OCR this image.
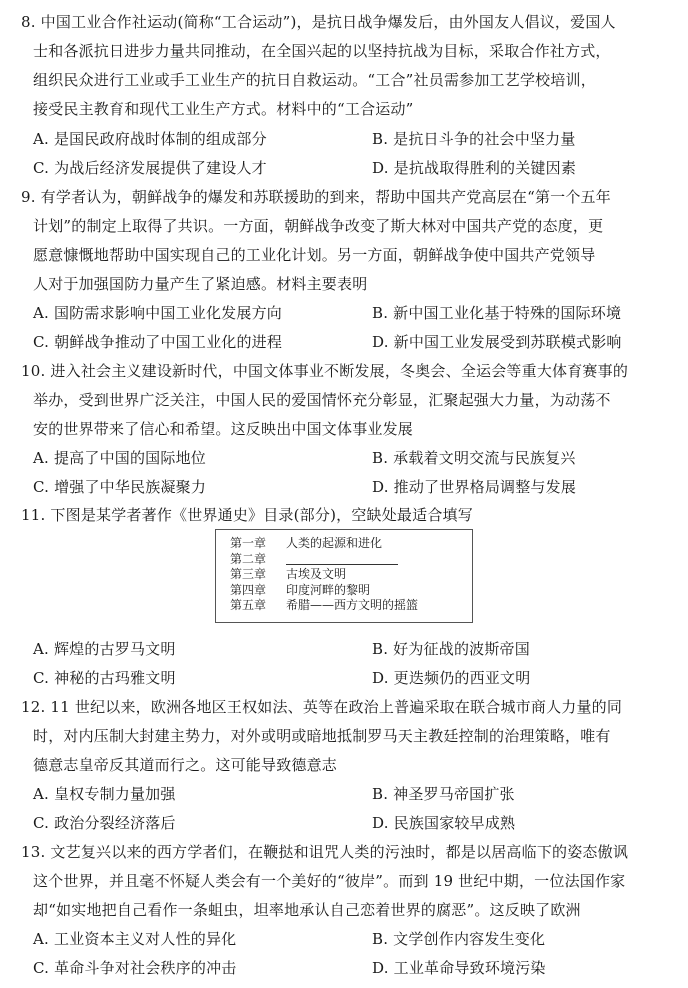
8. 中国工业合作社运动(简称“工合运动”)，是抗日战争爆发后，由外国友人倡议，爱国人
士和各派抗日进步力量共同推动，在全国兴起的以坚持抗战为目标，采取合作社方式，
组织民众进行工业或手工业生产的抗日自救运动。“工合”社员需参加工艺学校培训，
接受民主教育和现代工业生产方式。材料中的“工合运动”
A. 是国民政府战时体制的组成部分	B. 是抗日斗争的社会中坚力量
C. 为战后经济发展提供了建设人才	D. 是抗战取得胜利的关键因素
9. 有学者认为，朝鲜战争的爆发和苏联援助的到来，帮助中国共产党高层在“第一个五年
计划”的制定上取得了共识。一方面，朝鲜战争改变了斯大林对中国共产党的态度，更
愿意慷慨地帮助中国实现自己的工业化计划。另一方面，朝鲜战争使中国共产党领导
人对于加强国防力量产生了紧迫感。材料主要表明
A. 国防需求影响中国工业化发展方向	B. 新中国工业化基于特殊的国际环境
C. 朝鲜战争推动了中国工业化的进程	D. 新中国工业发展受到苏联模式影响
10. 进入社会主义建设新时代，中国文体事业不断发展，冬奥会、全运会等重大体育赛事的
举办，受到世界广泛关注，中国人民的爱国情怀充分彰显，汇聚起强大力量，为动荡不
安的世界带来了信心和希望。这反映出中国文体事业发展
A. 提高了中国的国际地位	B. 承载着文明交流与民族复兴
C. 增强了中华民族凝聚力	D. 推动了世界格局调整与发展
11. 下图是某学者著作《世界通史》目录(部分)，空缺处最适合填写
第一章 人类的起源和进化
第二章
第三章 古埃及文明
第四章 印度河畔的黎明
第五章 希腊——西方文明的摇篮
A. 辉煌的古罗马文明	B. 好为征战的波斯帝国
C. 神秘的古玛雅文明	D. 更迭频仍的西亚文明
12. 11 世纪以来，欧洲各地区王权如法、英等在政治上普遍采取在联合城市商人力量的同
时，对内压制大封建主势力，对外或明或暗地抵制罗马天主教廷控制的治理策略，唯有
德意志皇帝反其道而行之。这可能导致德意志
A. 皇权专制力量加强	B. 神圣罗马帝国扩张
C. 政治分裂经济落后	D. 民族国家较早成熟
13. 文艺复兴以来的西方学者们，在鞭挞和诅咒人类的污浊时，都是以居高临下的姿态傲讽
这个世界，并且毫不怀疑人类会有一个美好的“彼岸”。而到 19 世纪中期，一位法国作家
却“如实地把自己看作一条蛆虫，坦率地承认自己恋着世界的腐恶”。这反映了欧洲
A. 工业资本主义对人性的异化	B. 文学创作内容发生变化
C. 革命斗争对社会秩序的冲击	D. 工业革命导致环境污染
